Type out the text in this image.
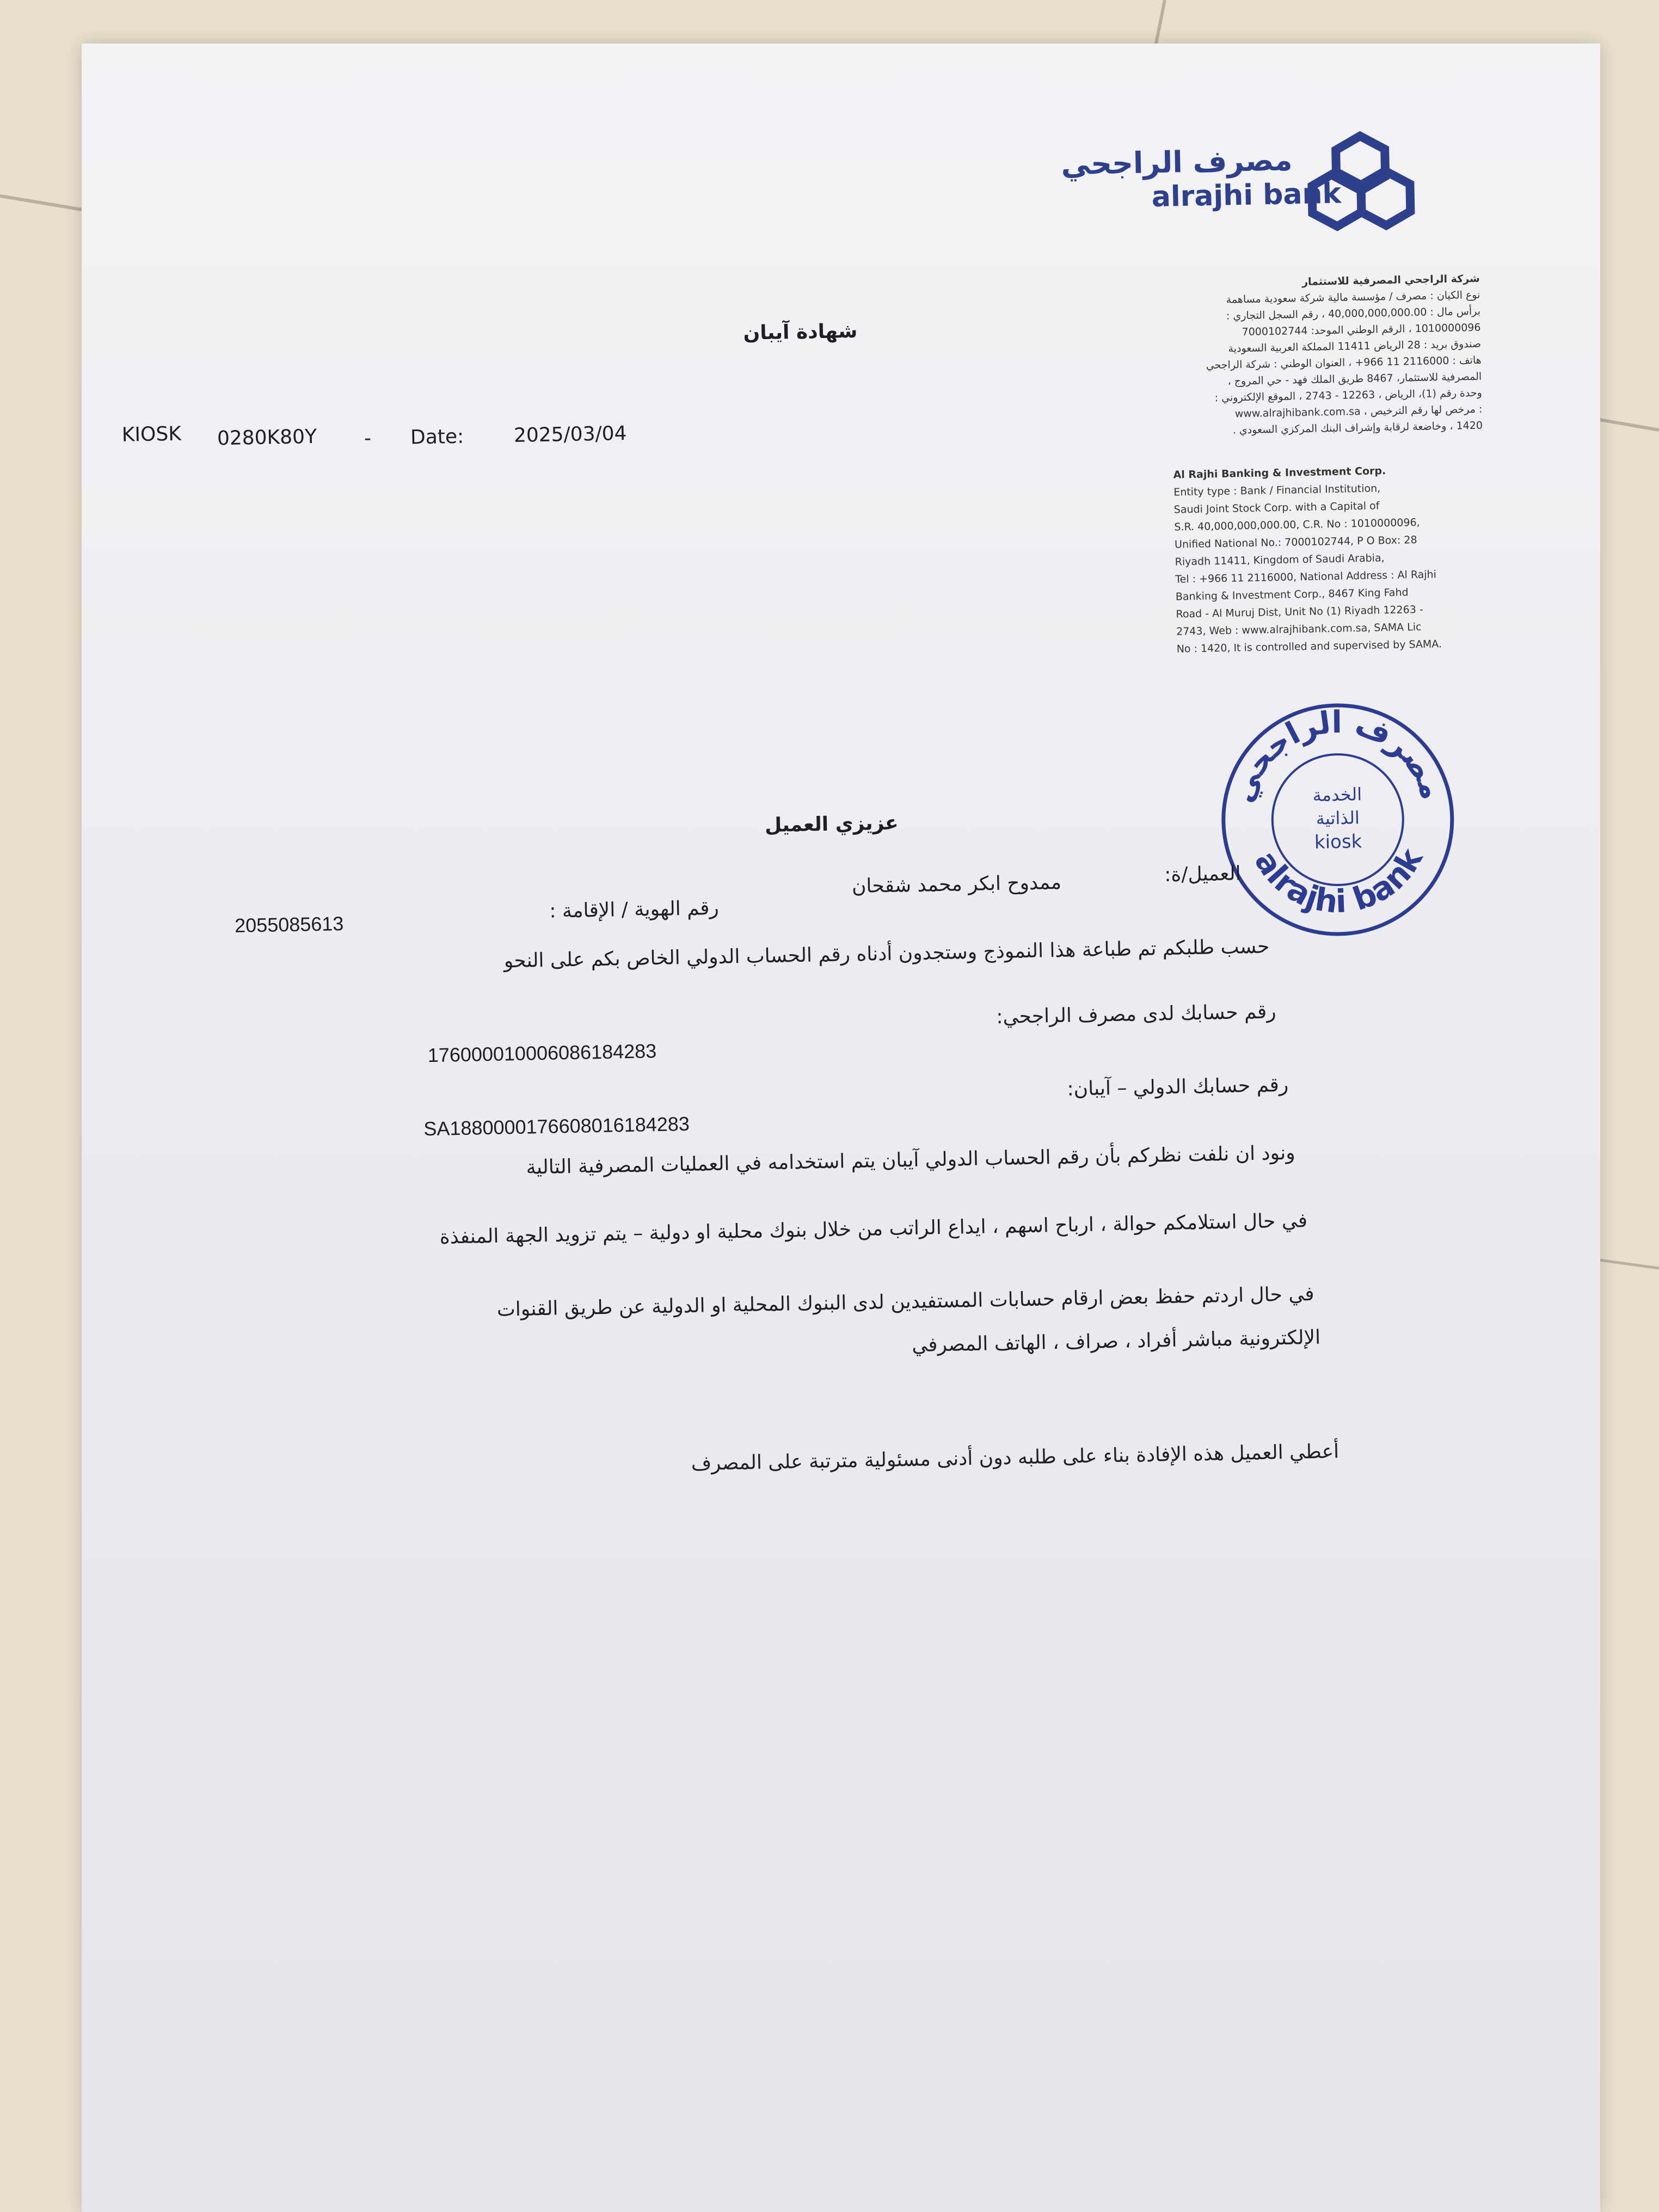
مصرف الراجحي
alrajhi bank
شركة الراجحي المصرفية للاستثمار
نوع الكيان : مصرف / مؤسسة مالية شركة سعودية مساهمة
برأس مال : 40,000,000,000.00 ، رقم السجل التجاري :
1010000096 ، الرقم الوطني الموحد: 7000102744
صندوق بريد : 28 الرياض 11411 المملكة العربية السعودية
هاتف : 2116000 11 966+ ، العنوان الوطني : شركة الراجحي
المصرفية للاستثمار، 8467 طريق الملك فهد - حي المروج ،
وحدة رقم (1)، الرياض ، 12263 - 2743 ، الموقع الإلكتروني :
www.alrajhibank.com.sa ، مرخص لها رقم الترخيص :
1420 ، وخاضعة لرقابة وإشراف البنك المركزي السعودي .
Al Rajhi Banking & Investment Corp.
Entity type : Bank / Financial Institution,
Saudi Joint Stock Corp. with a Capital of
S.R. 40,000,000,000.00, C.R. No : 1010000096,
Unified National No.: 7000102744, P O Box: 28
Riyadh 11411, Kingdom of Saudi Arabia,
Tel : +966 11 2116000, National Address : Al Rajhi
Banking & Investment Corp., 8467 King Fahd
Road - Al Muruj Dist, Unit No (1) Riyadh 12263 -
2743, Web : www.alrajhibank.com.sa, SAMA Lic
No : 1420, It is controlled and supervised by SAMA.
مصرف الراجحي
alrajhi bank
الخدمة
الذاتية
kiosk
شهادة آيبان
KIOSK 0280K80Y - Date:	2025/03/04
عزيزي العميل
العميل/ة:
ممدوح ابكر محمد شقحان
رقم الهوية / الإقامة :
2055085613
حسب طلبكم تم طباعة هذا النموذج وستجدون أدناه رقم الحساب الدولي الخاص بكم على النحو
رقم حسابك لدى مصرف الراجحي:
176000010006086184283
رقم حسابك الدولي – آيبان:
SA1880000176608016184283
ونود ان نلفت نظركم بأن رقم الحساب الدولي آيبان يتم استخدامه في العمليات المصرفية التالية
في حال استلامكم حوالة ، ارباح اسهم ، ايداع الراتب من خلال بنوك محلية او دولية – يتم تزويد الجهة المنفذة
في حال اردتم حفظ بعض ارقام حسابات المستفيدين لدى البنوك المحلية او الدولية عن طريق القنوات
الإلكترونية مباشر أفراد ، صراف ، الهاتف المصرفي
أعطي العميل هذه الإفادة بناء على طلبه دون أدنى مسئولية مترتبة على المصرف
